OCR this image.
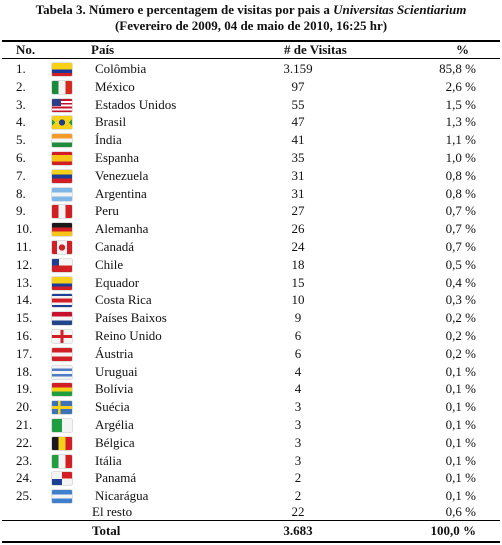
Tabela 3. Número e percentagem de visitas por pais a Universitas Scientiarium
(Fevereiro de 2009, 04 de maio de 2010, 16:25 hr)
No.	País	# de Visitas	%
1.	Colômbia	3.159	85,8 %
2.	México	97	2,6 %
3.	Estados Unidos	55	1,5 %
4.	Brasil	47	1,3 %
5.	Índia	41	1,1 %
6.	Espanha	35	1,0 %
7.	Venezuela	31	0,8 %
8.	Argentina	31	0,8 %
9.	Peru	27	0,7 %
10.	Alemanha	26	0,7 %
11.	Canadá	24	0,7 %
12.	Chile	18	0,5 %
13.	Equador	15	0,4 %
14.	Costa Rica	10	0,3 %
15.	Países Baixos	9	0,2 %
16.	Reino Unido	6	0,2 %
17.	Áustria	6	0,2 %
18.	Uruguai	4	0,1 %
19.	Bolívia	4	0,1 %
20.	Suécia	3	0,1 %
21.	Argélia	3	0,1 %
22.	Bélgica	3	0,1 %
23.	Itália	3	0,1 %
24.	Panamá	2	0,1 %
25.	Nicarágua	2	0,1 %
El resto	22	0,6 %
Total	3.683	100,0 %
